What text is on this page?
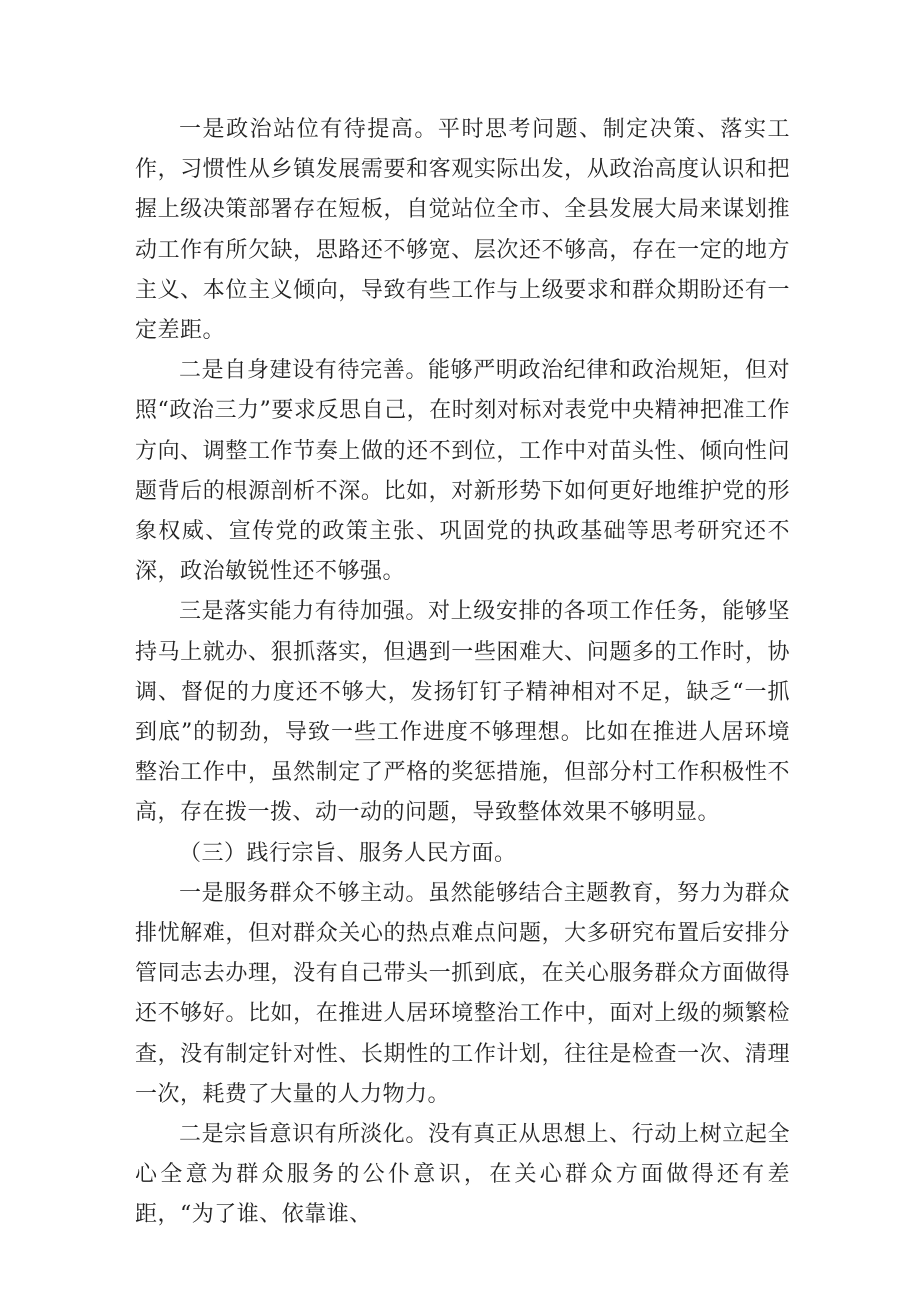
一是政治站位有待提高。平时思考问题、制定决策、落实工作，习惯性从乡镇发展需要和客观实际出发，从政治高度认识和把握上级决策部署存在短板，自觉站位全市、全县发展大局来谋划推动工作有所欠缺，思路还不够宽、层次还不够高，存在一定的地方主义、本位主义倾向，导致有些工作与上级要求和群众期盼还有一定差距。

二是自身建设有待完善。能够严明政治纪律和政治规矩，但对照“政治三力”要求反思自己，在时刻对标对表党中央精神把准工作方向、调整工作节奏上做的还不到位，工作中对苗头性、倾向性问题背后的根源剖析不深。比如，对新形势下如何更好地维护党的形象权威、宣传党的政策主张、巩固党的执政基础等思考研究还不深，政治敏锐性还不够强。

三是落实能力有待加强。对上级安排的各项工作任务，能够坚持马上就办、狠抓落实，但遇到一些困难大、问题多的工作时，协调、督促的力度还不够大，发扬钉钉子精神相对不足，缺乏“一抓到底”的韧劲，导致一些工作进度不够理想。比如在推进人居环境整治工作中，虽然制定了严格的奖惩措施，但部分村工作积极性不高，存在拨一拨、动一动的问题，导致整体效果不够明显。

（三）践行宗旨、服务人民方面。

一是服务群众不够主动。虽然能够结合主题教育，努力为群众排忧解难，但对群众关心的热点难点问题，大多研究布置后安排分管同志去办理，没有自己带头一抓到底，在关心服务群众方面做得还不够好。比如，在推进人居环境整治工作中，面对上级的频繁检查，没有制定针对性、长期性的工作计划，往往是检查一次、清理一次，耗费了大量的人力物力。

二是宗旨意识有所淡化。没有真正从思想上、行动上树立起全心全意为群众服务的公仆意识，在关心群众方面做得还有差距，“为了谁、依靠谁、
